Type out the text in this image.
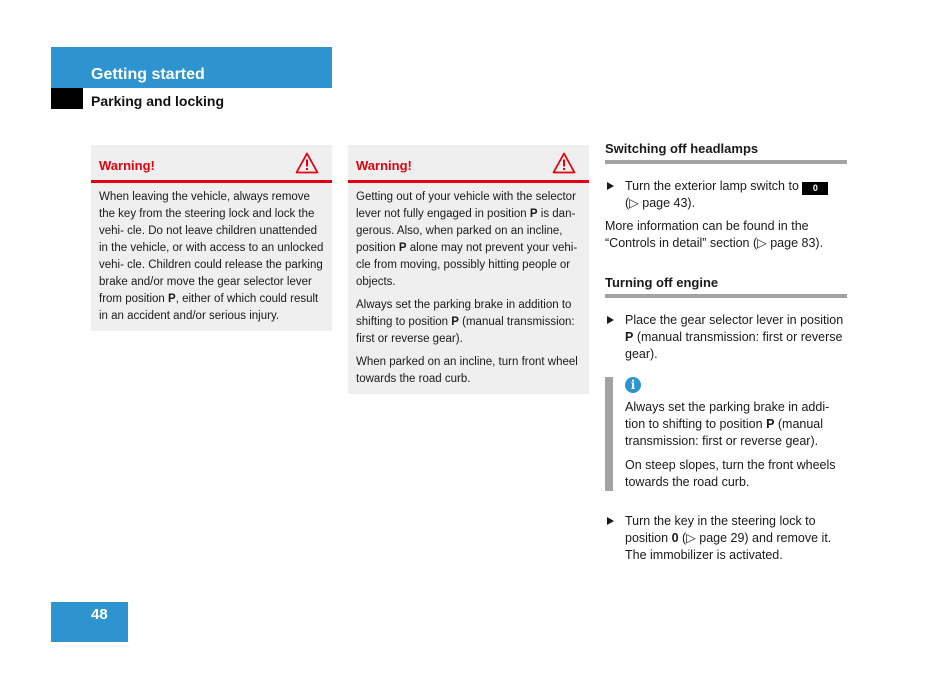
Getting started
Parking and locking
Warning!

When leaving the vehicle, always remove the key from the steering lock and lock the vehi- cle. Do not leave children unattended in the vehicle, or with access to an unlocked vehi- cle. Children could release the parking brake and/or move the gear selector lever from position P, either of which could result in an accident and/or serious injury.

Warning!

Getting out of your vehicle with the selector lever not fully engaged in position P is dan- gerous. Also, when parked on an incline, position P alone may not prevent your vehi- cle from moving, possibly hitting people or objects.

Always set the parking brake in addition to shifting to position P (manual transmission: first or reverse gear).

When parked on an incline, turn front wheel towards the road curb.

Switching off headlamps
Turn the exterior lamp switch to 0
(▷ page 43).

More information can be found in the “Controls in detail” section (▷ page 83).

Turning off engine
Place the gear selector lever in position P (manual transmission: first or reverse gear).
i

Always set the parking brake in addi- tion to shifting to position P (manual transmission: first or reverse gear).

On steep slopes, turn the front wheels towards the road curb.

Turn the key in the steering lock to position 0 (▷ page 29) and remove it. The immobilizer is activated.
48
